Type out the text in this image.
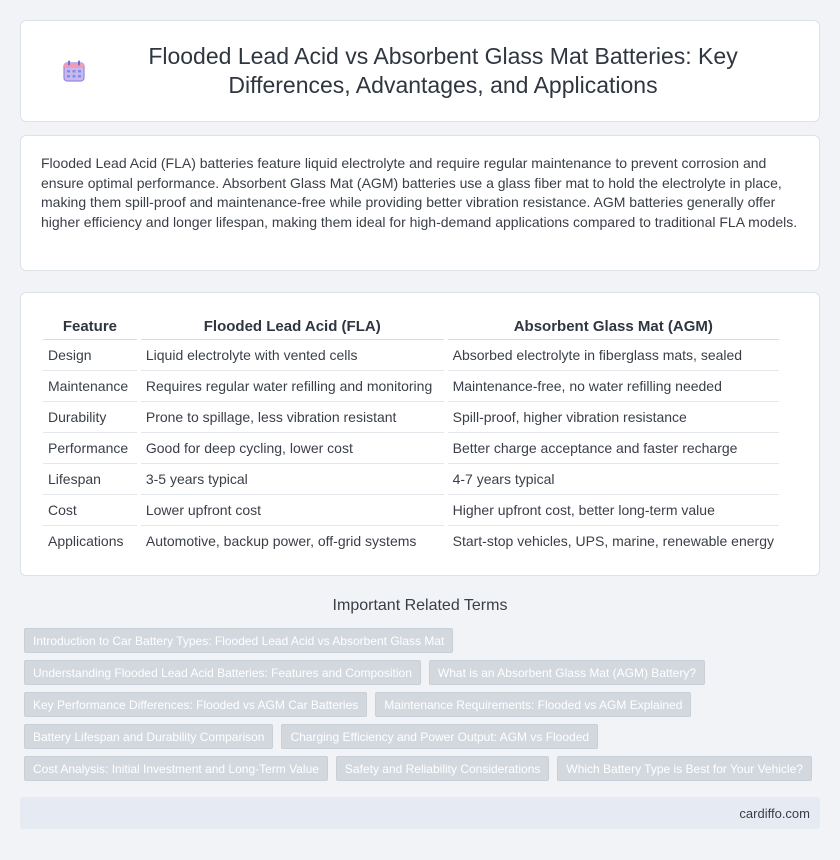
Flooded Lead Acid vs Absorbent Glass Mat Batteries: Key Differences, Advantages, and Applications

Flooded Lead Acid (FLA) batteries feature liquid electrolyte and require regular maintenance to prevent corrosion and ensure optimal performance. Absorbent Glass Mat (AGM) batteries use a glass fiber mat to hold the electrolyte in place, making them spill-proof and maintenance-free while providing better vibration resistance. AGM batteries generally offer higher efficiency and longer lifespan, making them ideal for high-demand applications compared to traditional FLA models.

Feature	Flooded Lead Acid (FLA)	Absorbent Glass Mat (AGM)
Design	Liquid electrolyte with vented cells	Absorbed electrolyte in fiberglass mats, sealed
Maintenance	Requires regular water refilling and monitoring	Maintenance-free, no water refilling needed
Durability	Prone to spillage, less vibration resistant	Spill-proof, higher vibration resistance
Performance	Good for deep cycling, lower cost	Better charge acceptance and faster recharge
Lifespan	3-5 years typical	4-7 years typical
Cost	Lower upfront cost	Higher upfront cost, better long-term value
Applications	Automotive, backup power, off-grid systems	Start-stop vehicles, UPS, marine, renewable energy
Important Related Terms
Introduction to Car Battery Types: Flooded Lead Acid vs Absorbent Glass Mat
Understanding Flooded Lead Acid Batteries: Features and Composition	What is an Absorbent Glass Mat (AGM) Battery?
Key Performance Differences: Flooded vs AGM Car Batteries	Maintenance Requirements: Flooded vs AGM Explained
Battery Lifespan and Durability Comparison	Charging Efficiency and Power Output: AGM vs Flooded
Cost Analysis: Initial Investment and Long-Term Value	Safety and Reliability Considerations	Which Battery Type is Best for Your Vehicle?
cardiffo.com
